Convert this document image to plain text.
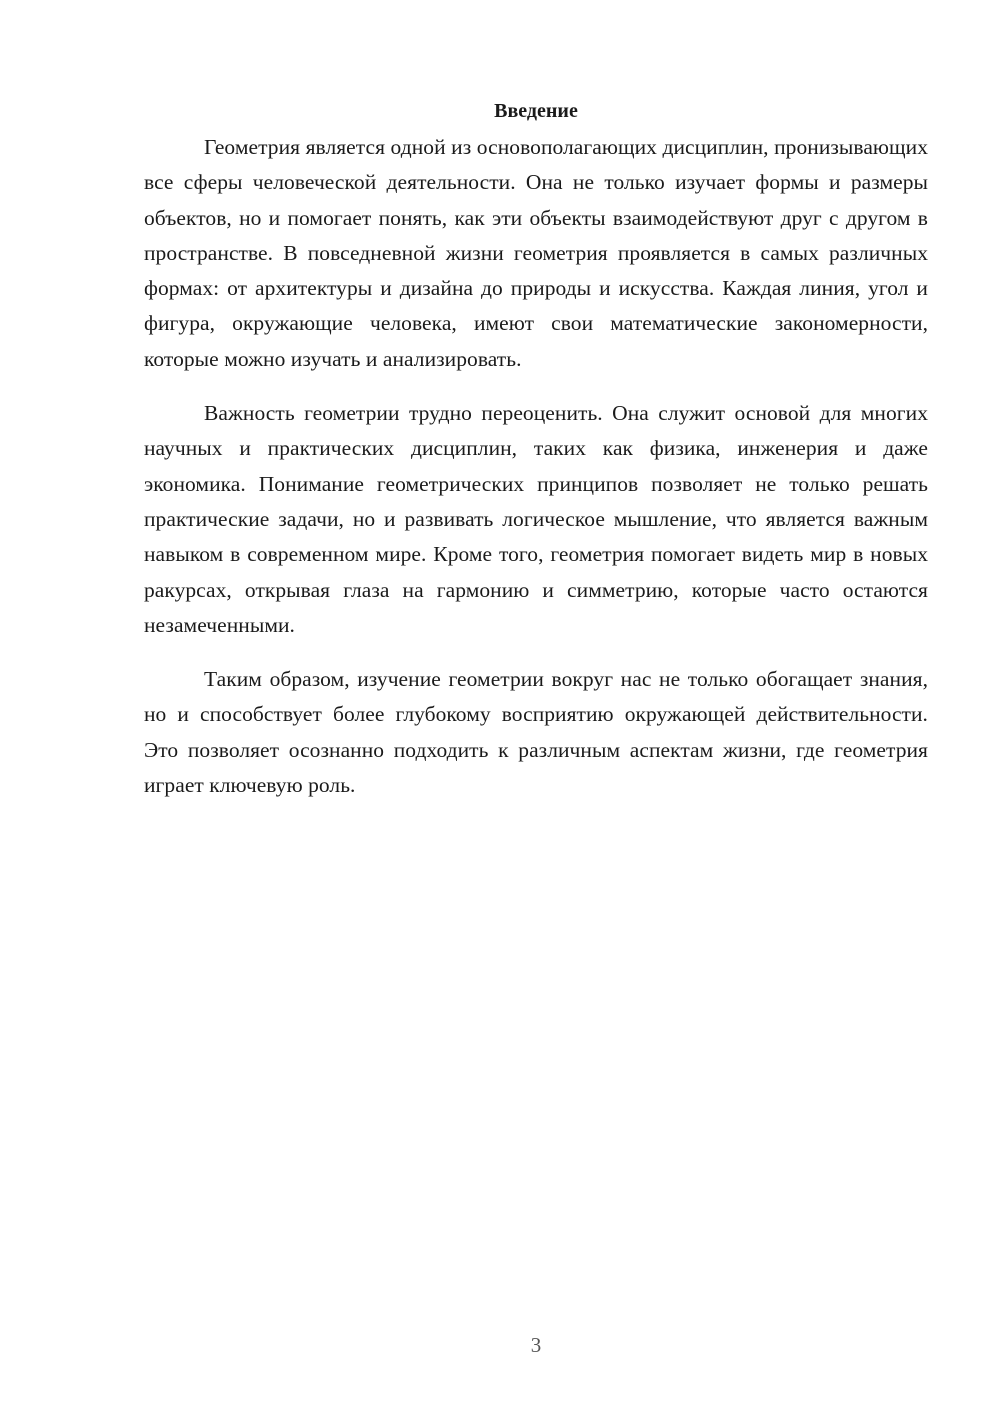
Введение

Геометрия является одной из основополагающих дисциплин, пронизывающих все сферы человеческой деятельности. Она не только изучает формы и размеры объектов, но и помогает понять, как эти объекты взаимодействуют друг с другом в пространстве. В повседневной жизни геометрия проявляется в самых различных формах: от архитектуры и дизайна до природы и искусства. Каждая линия, угол и фигура, окружающие человека, имеют свои математические закономерности, которые можно изучать и анализировать.

Важность геометрии трудно переоценить. Она служит основой для многих научных и практических дисциплин, таких как физика, инженерия и даже экономика. Понимание геометрических принципов позволяет не только решать практические задачи, но и развивать логическое мышление, что является важным навыком в современном мире. Кроме того, геометрия помогает видеть мир в новых ракурсах, открывая глаза на гармонию и симметрию, которые часто остаются незамеченными.

Таким образом, изучение геометрии вокруг нас не только обогащает знания, но и способствует более глубокому восприятию окружающей действительности. Это позволяет осознанно подходить к различным аспектам жизни, где геометрия играет ключевую роль.

3
